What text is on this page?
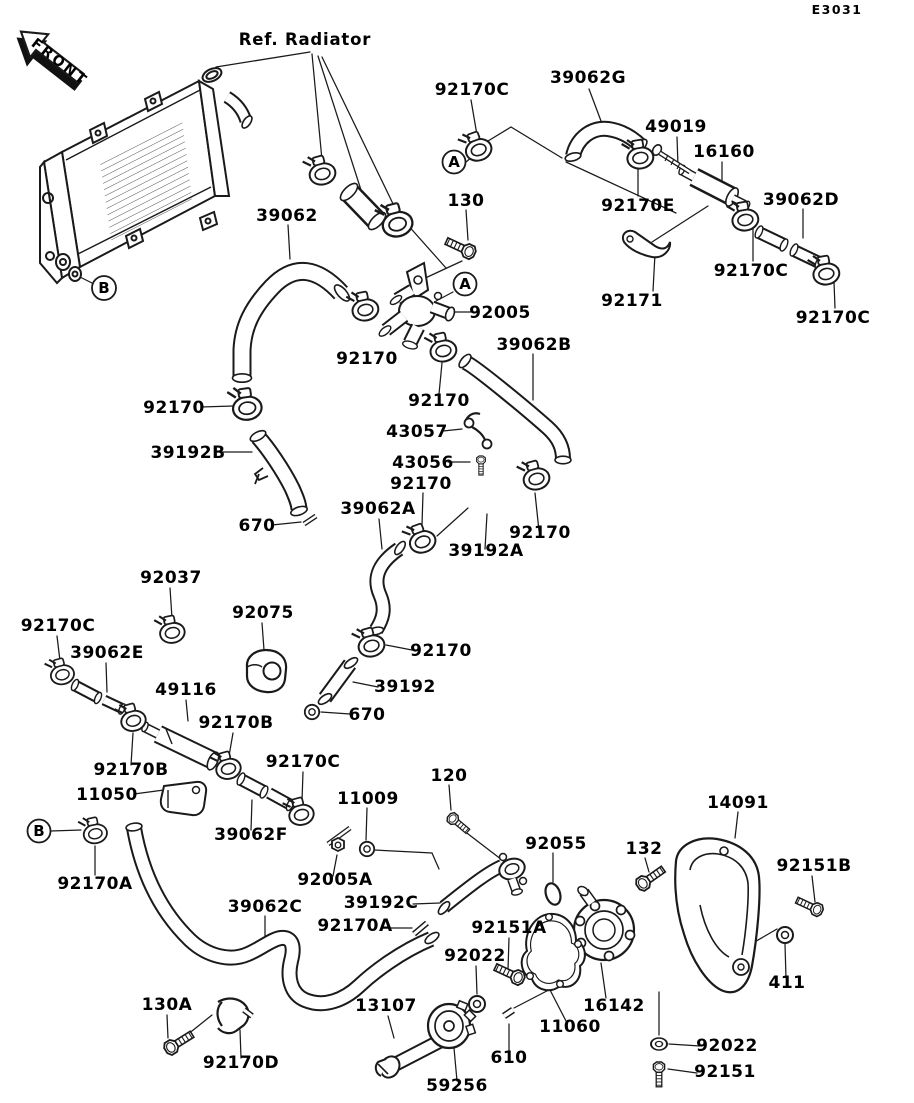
FRONT
A
A
B
B
E3031
Ref. Radiator
92170C
39062G
49019
16160
92170E	39062D
92170C
92171
92170C
130
39062
92005
92170
39062B
92170
39192B
92170
43057
43056
92170
39062A
39192A
92170
670
92037
92075
92170C
39062E
49116
92170B
92170
39192
670
92170B
11050
92170C
39062F
11009
120
92055 132
14091
92151B
92170A
39062C 39192C
92005A
92170A	92151A
92022
130A
92170D
13107
610
59256
11060
16142
411
92022
92151
